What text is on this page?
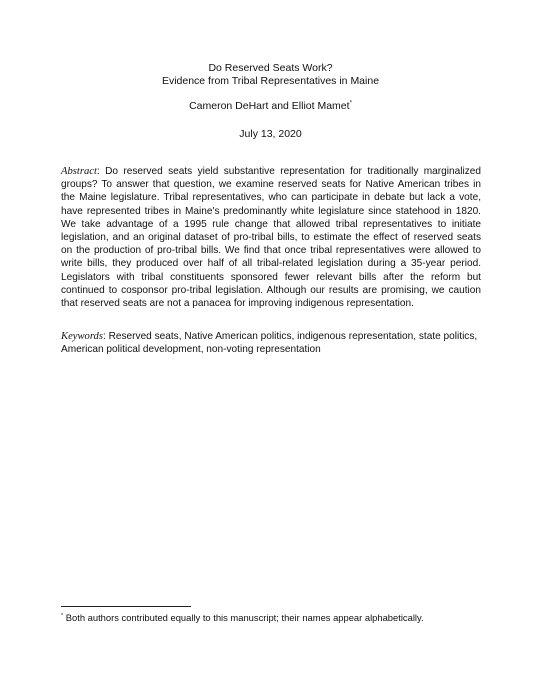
Do Reserved Seats Work?
Evidence from Tribal Representatives in Maine
Cameron DeHart and Elliot Mamet*
July 13, 2020
Abstract: Do reserved seats yield substantive representation for traditionally marginalized groups? To answer that question, we examine reserved seats for Native American tribes in the Maine legislature. Tribal representatives, who can participate in debate but lack a vote, have represented tribes in Maine's predominantly white legislature since statehood in 1820. We take advantage of a 1995 rule change that allowed tribal representatives to initiate legislation, and an original dataset of pro-tribal bills, to estimate the effect of reserved seats on the production of pro-tribal bills. We find that once tribal representatives were allowed to write bills, they produced over half of all tribal-related legislation during a 35-year period. Legislators with tribal constituents sponsored fewer relevant bills after the reform but continued to cosponsor pro-tribal legislation. Although our results are promising, we caution that reserved seats are not a panacea for improving indigenous representation.
Keywords: Reserved seats, Native American politics, indigenous representation, state politics, American political development, non-voting representation
* Both authors contributed equally to this manuscript; their names appear alphabetically.
